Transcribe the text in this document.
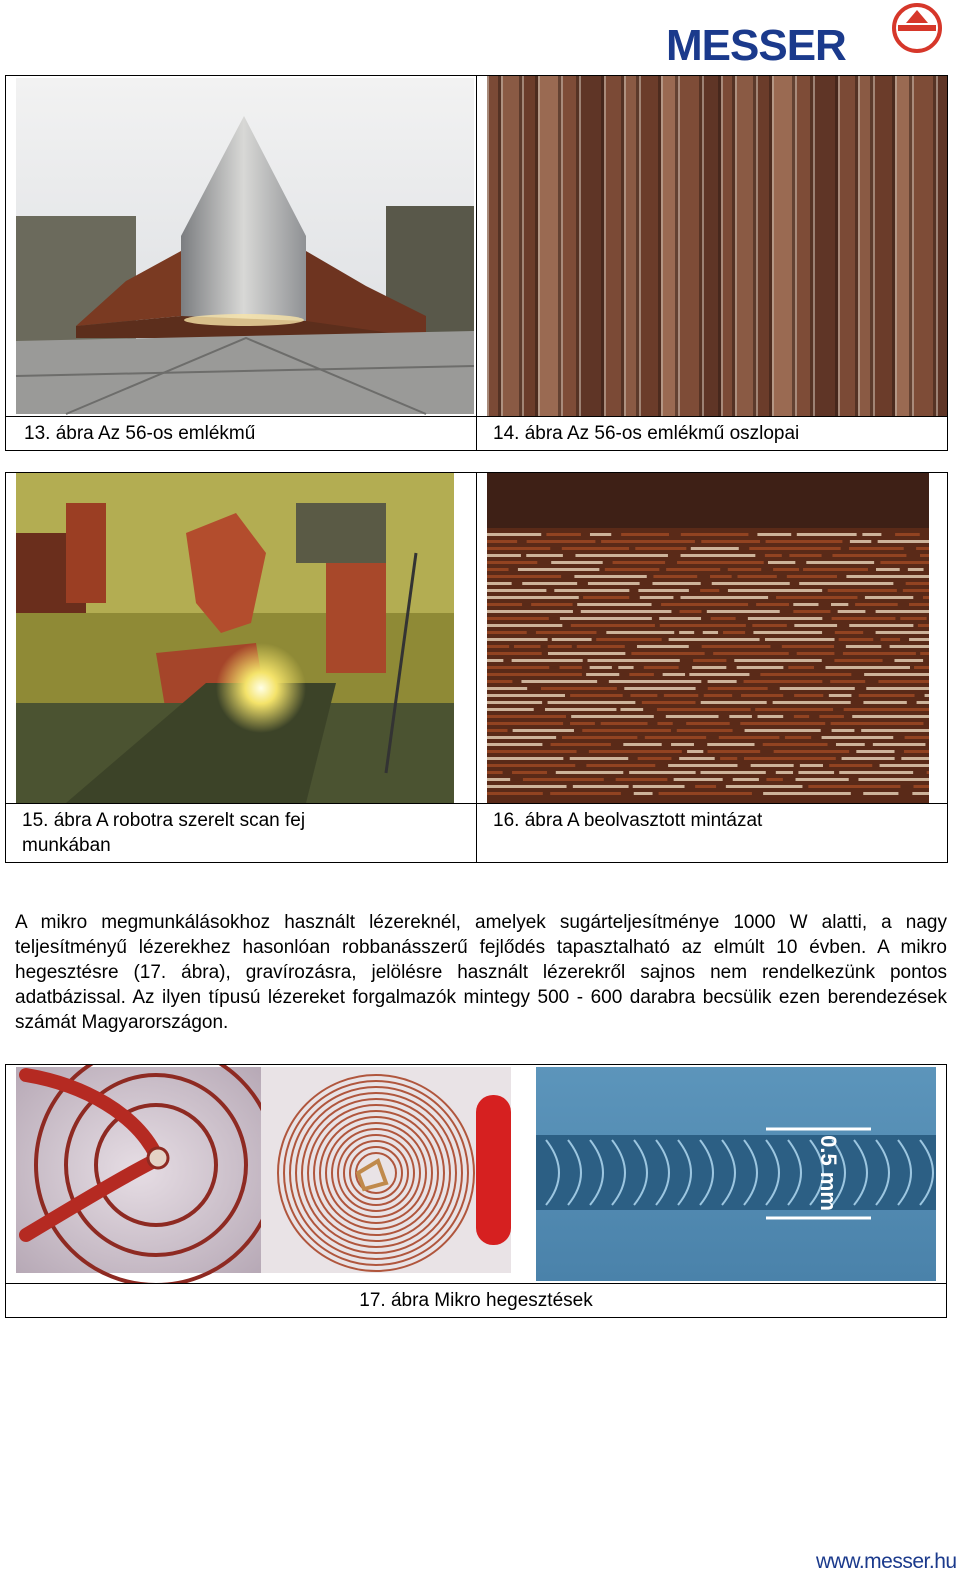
MESSER

13. ábra Az 56-os emlékmű	14. ábra Az 56-os emlékmű oszlopai

15. ábra A robotra szerelt scan fej munkában	16. ábra A beolvasztott mintázat
A mikro megmunkálásokhoz használt lézereknél, amelyek sugárteljesítménye 1000 W alatti, a nagy teljesítményű lézerekhez hasonlóan robbanásszerű fejlődés tapasztalható az elmúlt 10 évben. A mikro hegesztésre (17. ábra), gravírozásra, jelölésre használt lézerekről sajnos nem rendelkezünk pontos adatbázissal. Az ilyen típusú lézereket forgalmazók mintegy 500 - 600 darabra becsülik ezen berendezések számát Magyarországon.
0.5 mm

17. ábra Mikro hegesztések
www.messer.hu
